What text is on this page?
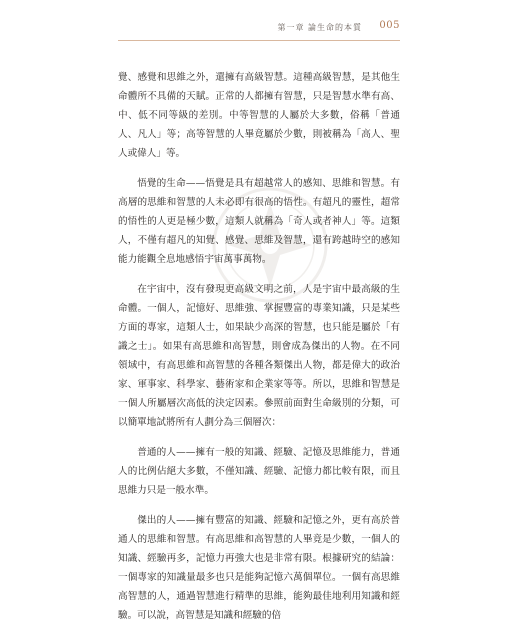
第一章 論生命的本質 005

覺、感覺和思維之外，還擁有高級智慧。這種高級智慧，是其他生命體所不具備的天賦。正常的人都擁有智慧，只是智慧水準有高、中、低不同等級的差別。中等智慧的人屬於大多數，俗稱「普通人、凡人」等；高等智慧的人畢竟屬於少數，則被稱為「高人、聖人或偉人」等。

悟覺的生命——悟覺是具有超越常人的感知、思維和智慧。有高層的思維和智慧的人未必即有很高的悟性。有超凡的靈性，超常的悟性的人更是極少數，這類人就稱為「奇人或者神人」等。這類人，不僅有超凡的知覺、感覺、思維及智慧，還有跨越時空的感知能力能觀全息地感悟宇宙萬事萬物。

在宇宙中，沒有發現更高級文明之前，人是宇宙中最高級的生命體。一個人，記憶好、思維強、掌握豐富的專業知識，只是某些方面的專家，這類人士，如果缺少高深的智慧，也只能是屬於「有識之士」。如果有高思維和高智慧，則會成為傑出的人物。在不同領域中，有高思維和高智慧的各種各類傑出人物，都是偉大的政治家、軍事家、科學家、藝術家和企業家等等。所以，思維和智慧是一個人所屬層次高低的決定因素。參照前面對生命級別的分類，可以簡單地試將所有人劃分為三個層次：

普通的人——擁有一般的知識、經驗、記憶及思維能力，普通人的比例佔絕大多數，不僅知識、經驗、記憶力都比較有限，而且思維力只是一般水準。

傑出的人——擁有豐富的知識、經驗和記憶之外，更有高於普通人的思維和智慧。有高思維和高智慧的人畢竟是少數，一個人的知識、經驗再多，記憶力再強大也是非常有限。根據研究的結論：一個專家的知識量最多也只是能夠記憶六萬個單位。一個有高思維高智慧的人，通過智慧進行精準的思維，能夠最佳地利用知識和經驗。可以說，高智慧是知識和經驗的倍
